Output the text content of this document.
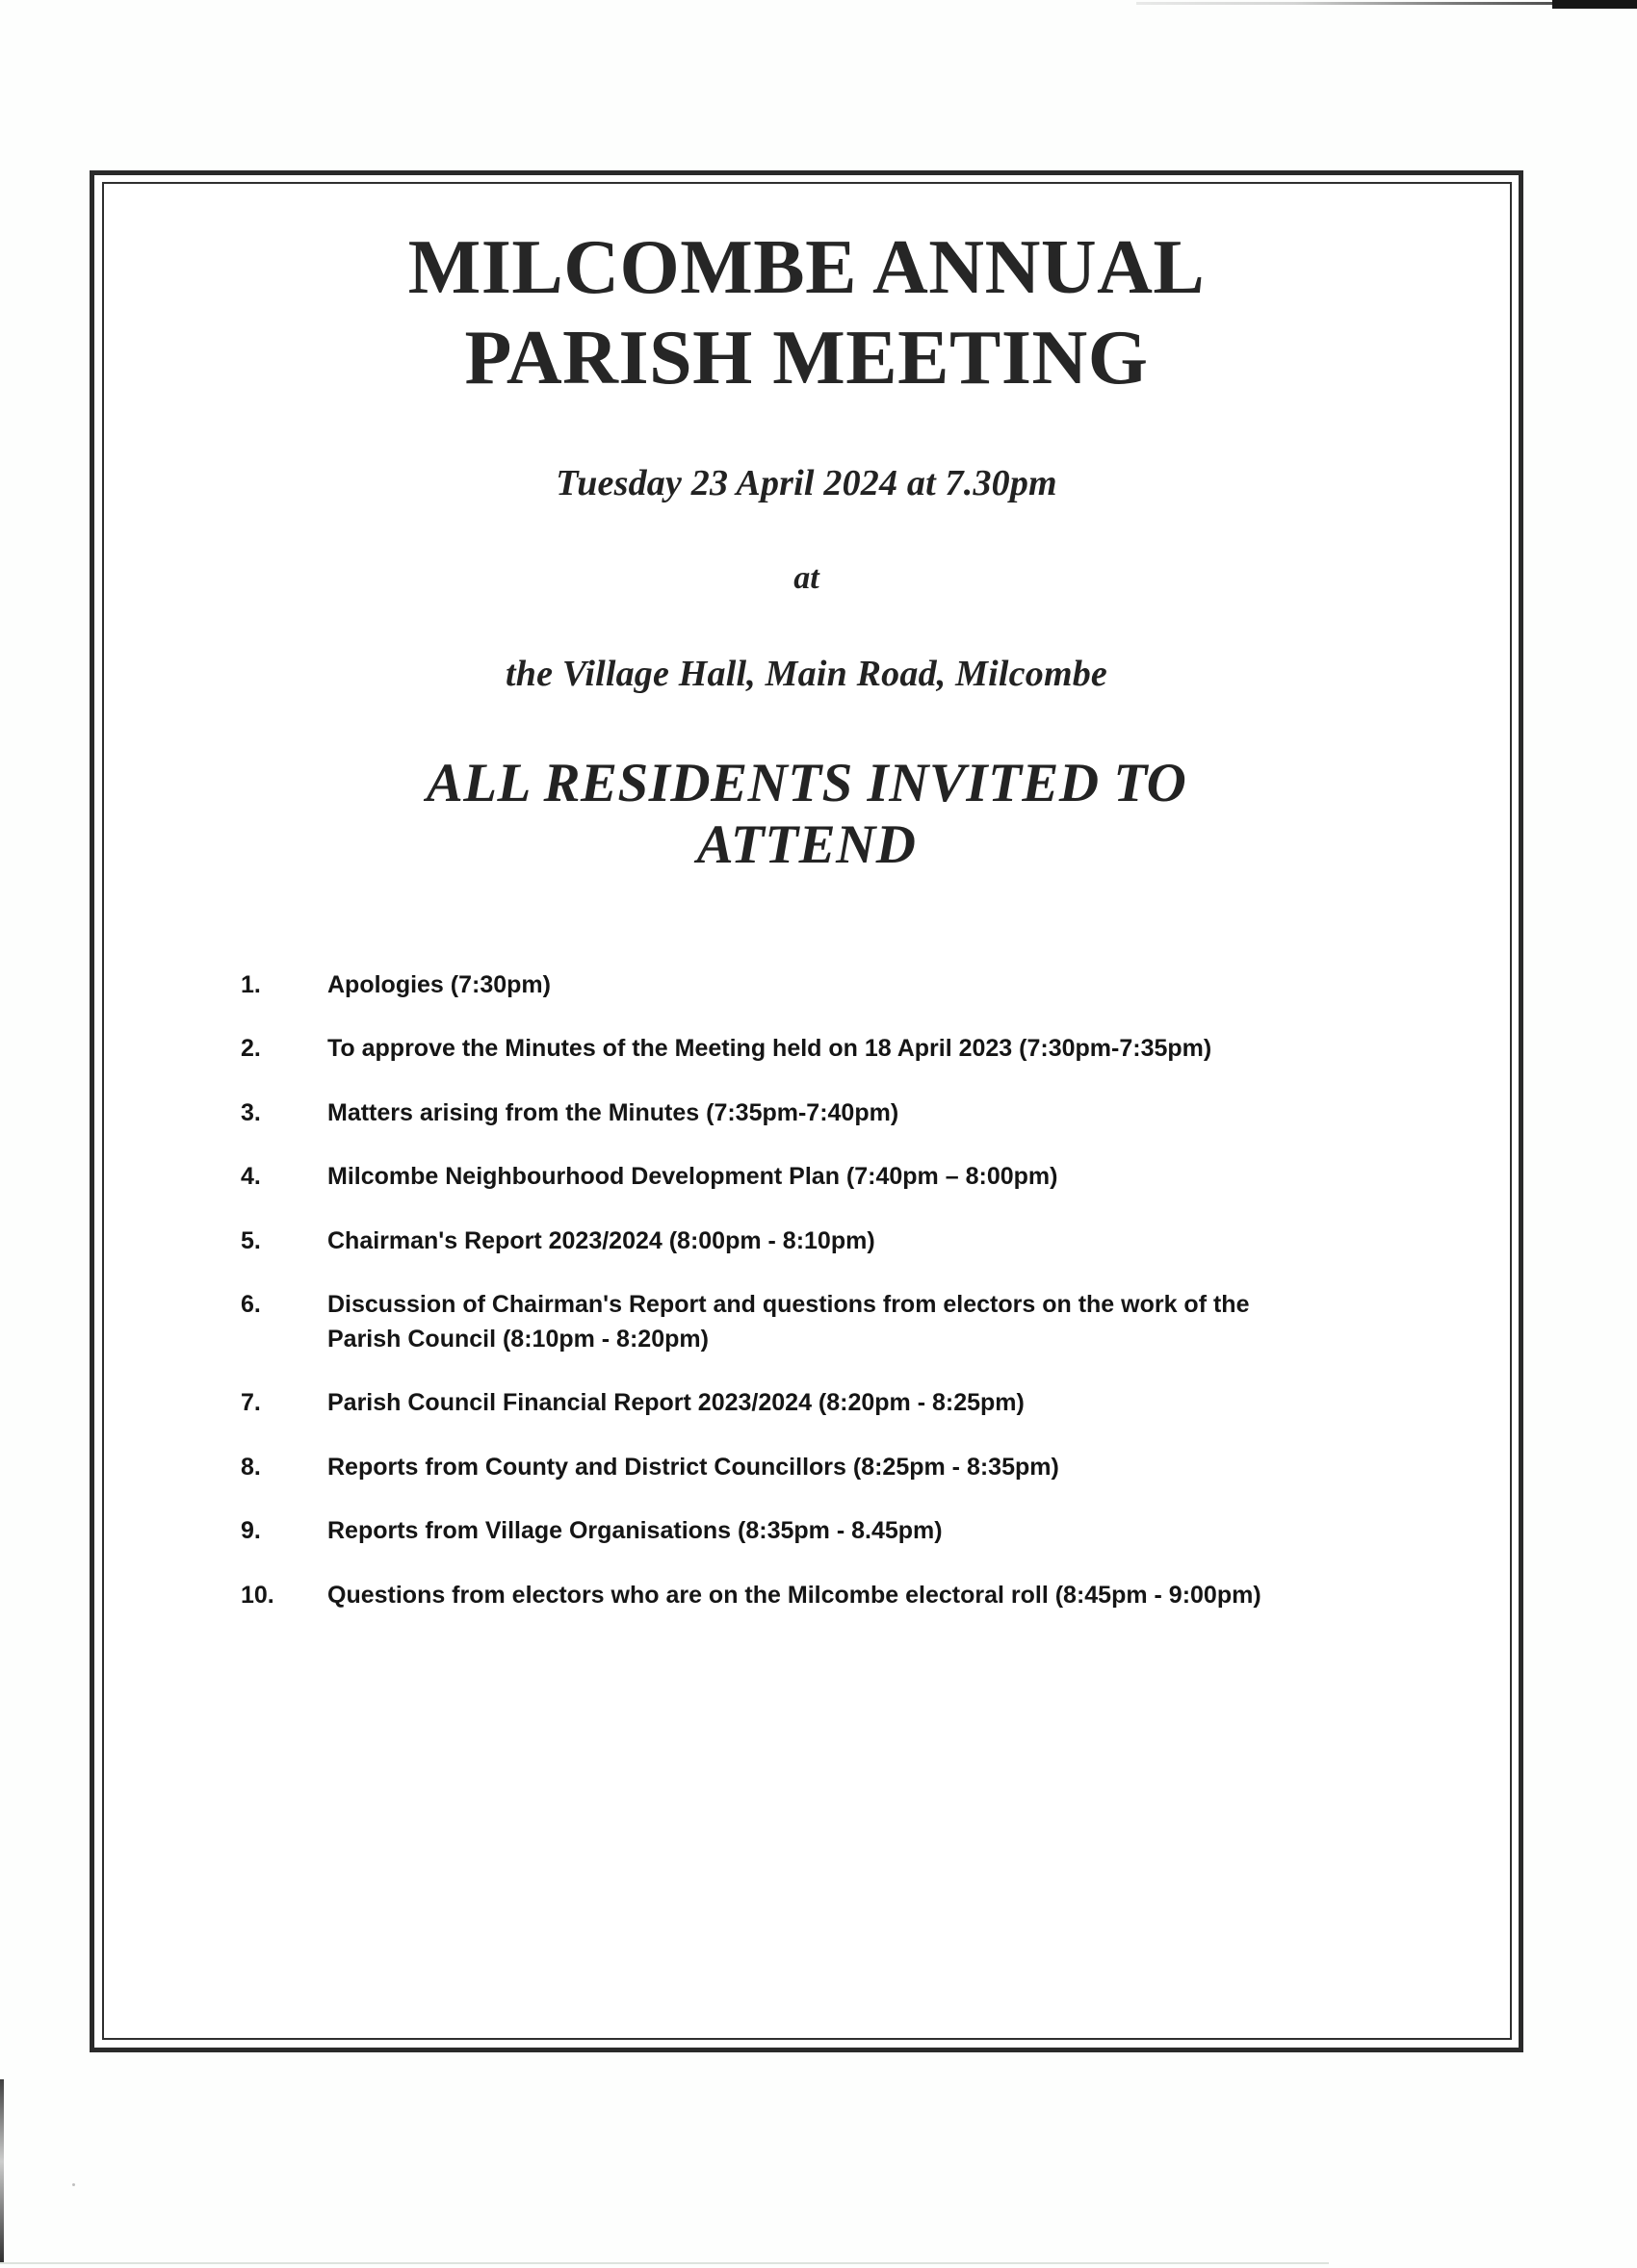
MILCOMBE ANNUAL
PARISH MEETING
Tuesday 23 April 2024 at 7.30pm
at
the Village Hall, Main Road, Milcombe
ALL RESIDENTS INVITED TO
ATTEND
1.	Apologies (7:30pm)
2.	To approve the Minutes of the Meeting held on 18 April 2023 (7:30pm-7:35pm)
3.	Matters arising from the Minutes (7:35pm-7:40pm)
4.	Milcombe Neighbourhood Development Plan (7:40pm – 8:00pm)
5.	Chairman's Report 2023/2024 (8:00pm - 8:10pm)
6.	Discussion of Chairman's Report and questions from electors on the work of the Parish Council (8:10pm - 8:20pm)
7.	Parish Council Financial Report 2023/2024 (8:20pm - 8:25pm)
8.	Reports from County and District Councillors (8:25pm - 8:35pm)
9.	Reports from Village Organisations (8:35pm - 8.45pm)
10.	Questions from electors who are on the Milcombe electoral roll (8:45pm - 9:00pm)
